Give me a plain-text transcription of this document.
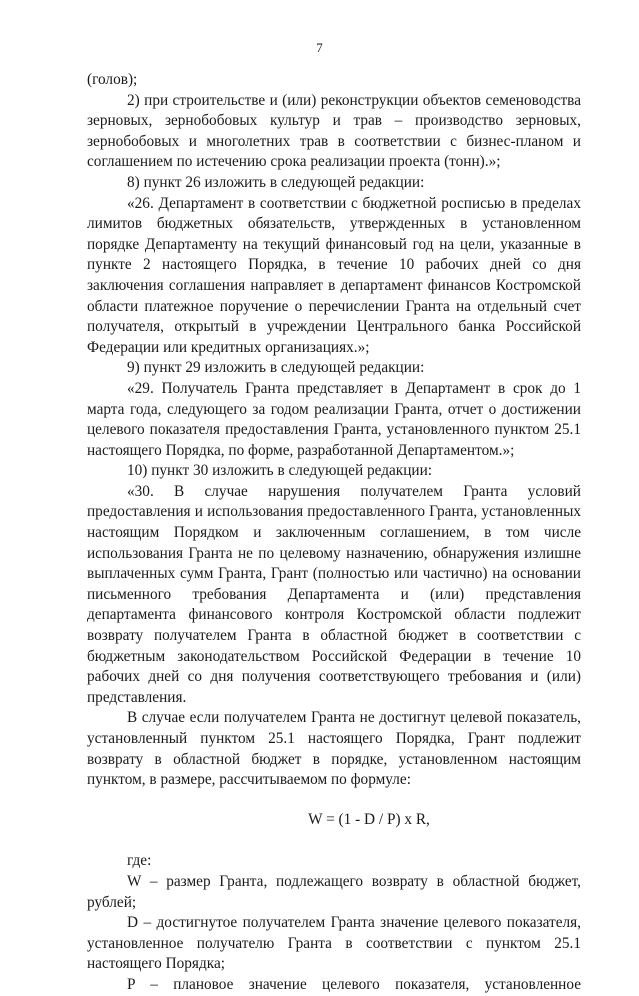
7

(голов);

2) при строительстве и (или) реконструкции объектов семеноводства зерновых, зернобобовых культур и трав – производство зерновых, зернобобовых и многолетних трав в соответствии с бизнес-планом и соглашением по истечению срока реализации проекта (тонн).»;

8) пункт 26 изложить в следующей редакции:

«26. Департамент в соответствии с бюджетной росписью в пределах лимитов бюджетных обязательств, утвержденных в установленном порядке Департаменту на текущий финансовый год на цели, указанные в пункте 2 настоящего Порядка, в течение 10 рабочих дней со дня заключения соглашения направляет в департамент финансов Костромской области платежное поручение о перечислении Гранта на отдельный счет получателя, открытый в учреждении Центрального банка Российской Федерации или кредитных организациях.»;

9) пункт 29 изложить в следующей редакции:

«29. Получатель Гранта представляет в Департамент в срок до 1 марта года, следующего за годом реализации Гранта, отчет о достижении целевого показателя предоставления Гранта, установленного пунктом 25.1 настоящего Порядка, по форме, разработанной Департаментом.»;

10) пункт 30 изложить в следующей редакции:

«30. В случае нарушения получателем Гранта условий предоставления и использования предоставленного Гранта, установленных настоящим Порядком и заключенным соглашением, в том числе использования Гранта не по целевому назначению, обнаружения излишне выплаченных сумм Гранта, Грант (полностью или частично) на основании письменного требования Департамента и (или) представления департамента финансового контроля Костромской области подлежит возврату получателем Гранта в областной бюджет в соответствии с бюджетным законодательством Российской Федерации в течение 10 рабочих дней со дня получения соответствующего требования и (или) представления.

В случае если получателем Гранта не достигнут целевой показатель, установленный пунктом 25.1 настоящего Порядка, Грант подлежит возврату в областной бюджет в порядке, установленном настоящим пунктом, в размере, рассчитываемом по формуле:

W = (1 - D / P) x R,

где:

W – размер Гранта, подлежащего возврату в областной бюджет, рублей;

D – достигнутое получателем Гранта значение целевого показателя, установленное получателю Гранта в соответствии с пунктом 25.1 настоящего Порядка;

P – плановое значение целевого показателя, установленное
